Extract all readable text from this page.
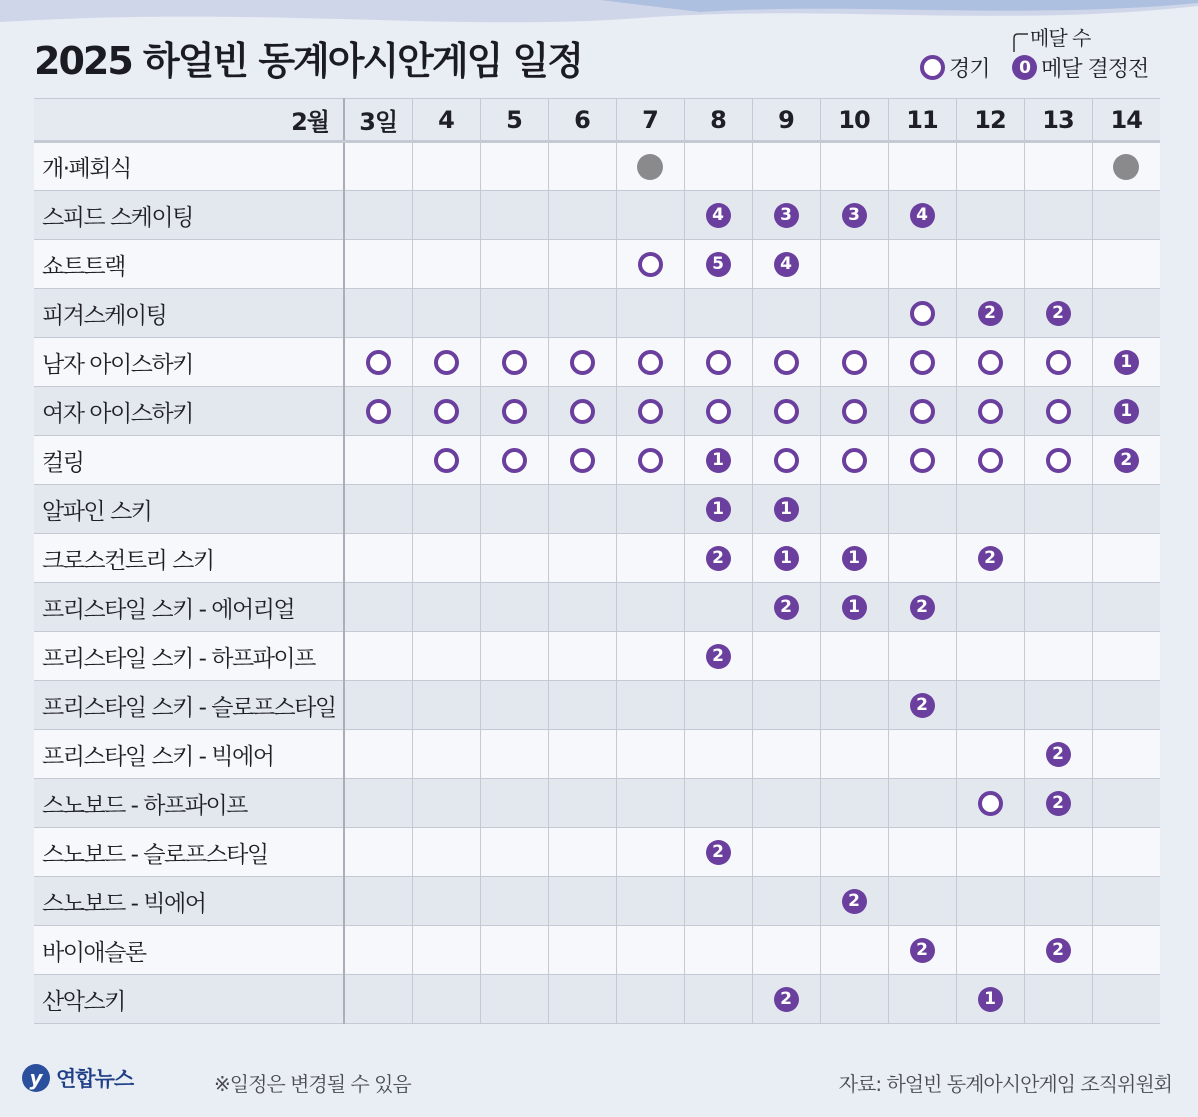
2025 하얼빈 동계아시안게임 일정
메달 수
경기	0 메달 결정전
2월	3일	4	5	6	7	8	9	10	11	12	13	14
개·폐회식												
스피드 스케이팅						4	3	3	4			
쇼트트랙						5	4					
피겨스케이팅										2	2	
남자 아이스하키												1
여자 아이스하키												1
컬링						1						2
알파인 스키						1	1					
크로스컨트리 스키						2	1	1		2		
프리스타일 스키 - 에어리얼							2	1	2			
프리스타일 스키 - 하프파이프						2						
프리스타일 스키 - 슬로프스타일									2			
프리스타일 스키 - 빅에어											2	
스노보드 - 하프파이프											2	
스노보드 - 슬로프스타일						2						
스노보드 - 빅에어								2				
바이애슬론									2		2	
산악스키							2			1		
y 연합뉴스	※일정은 변경될 수 있음	자료: 하얼빈 동계아시안게임 조직위원회
